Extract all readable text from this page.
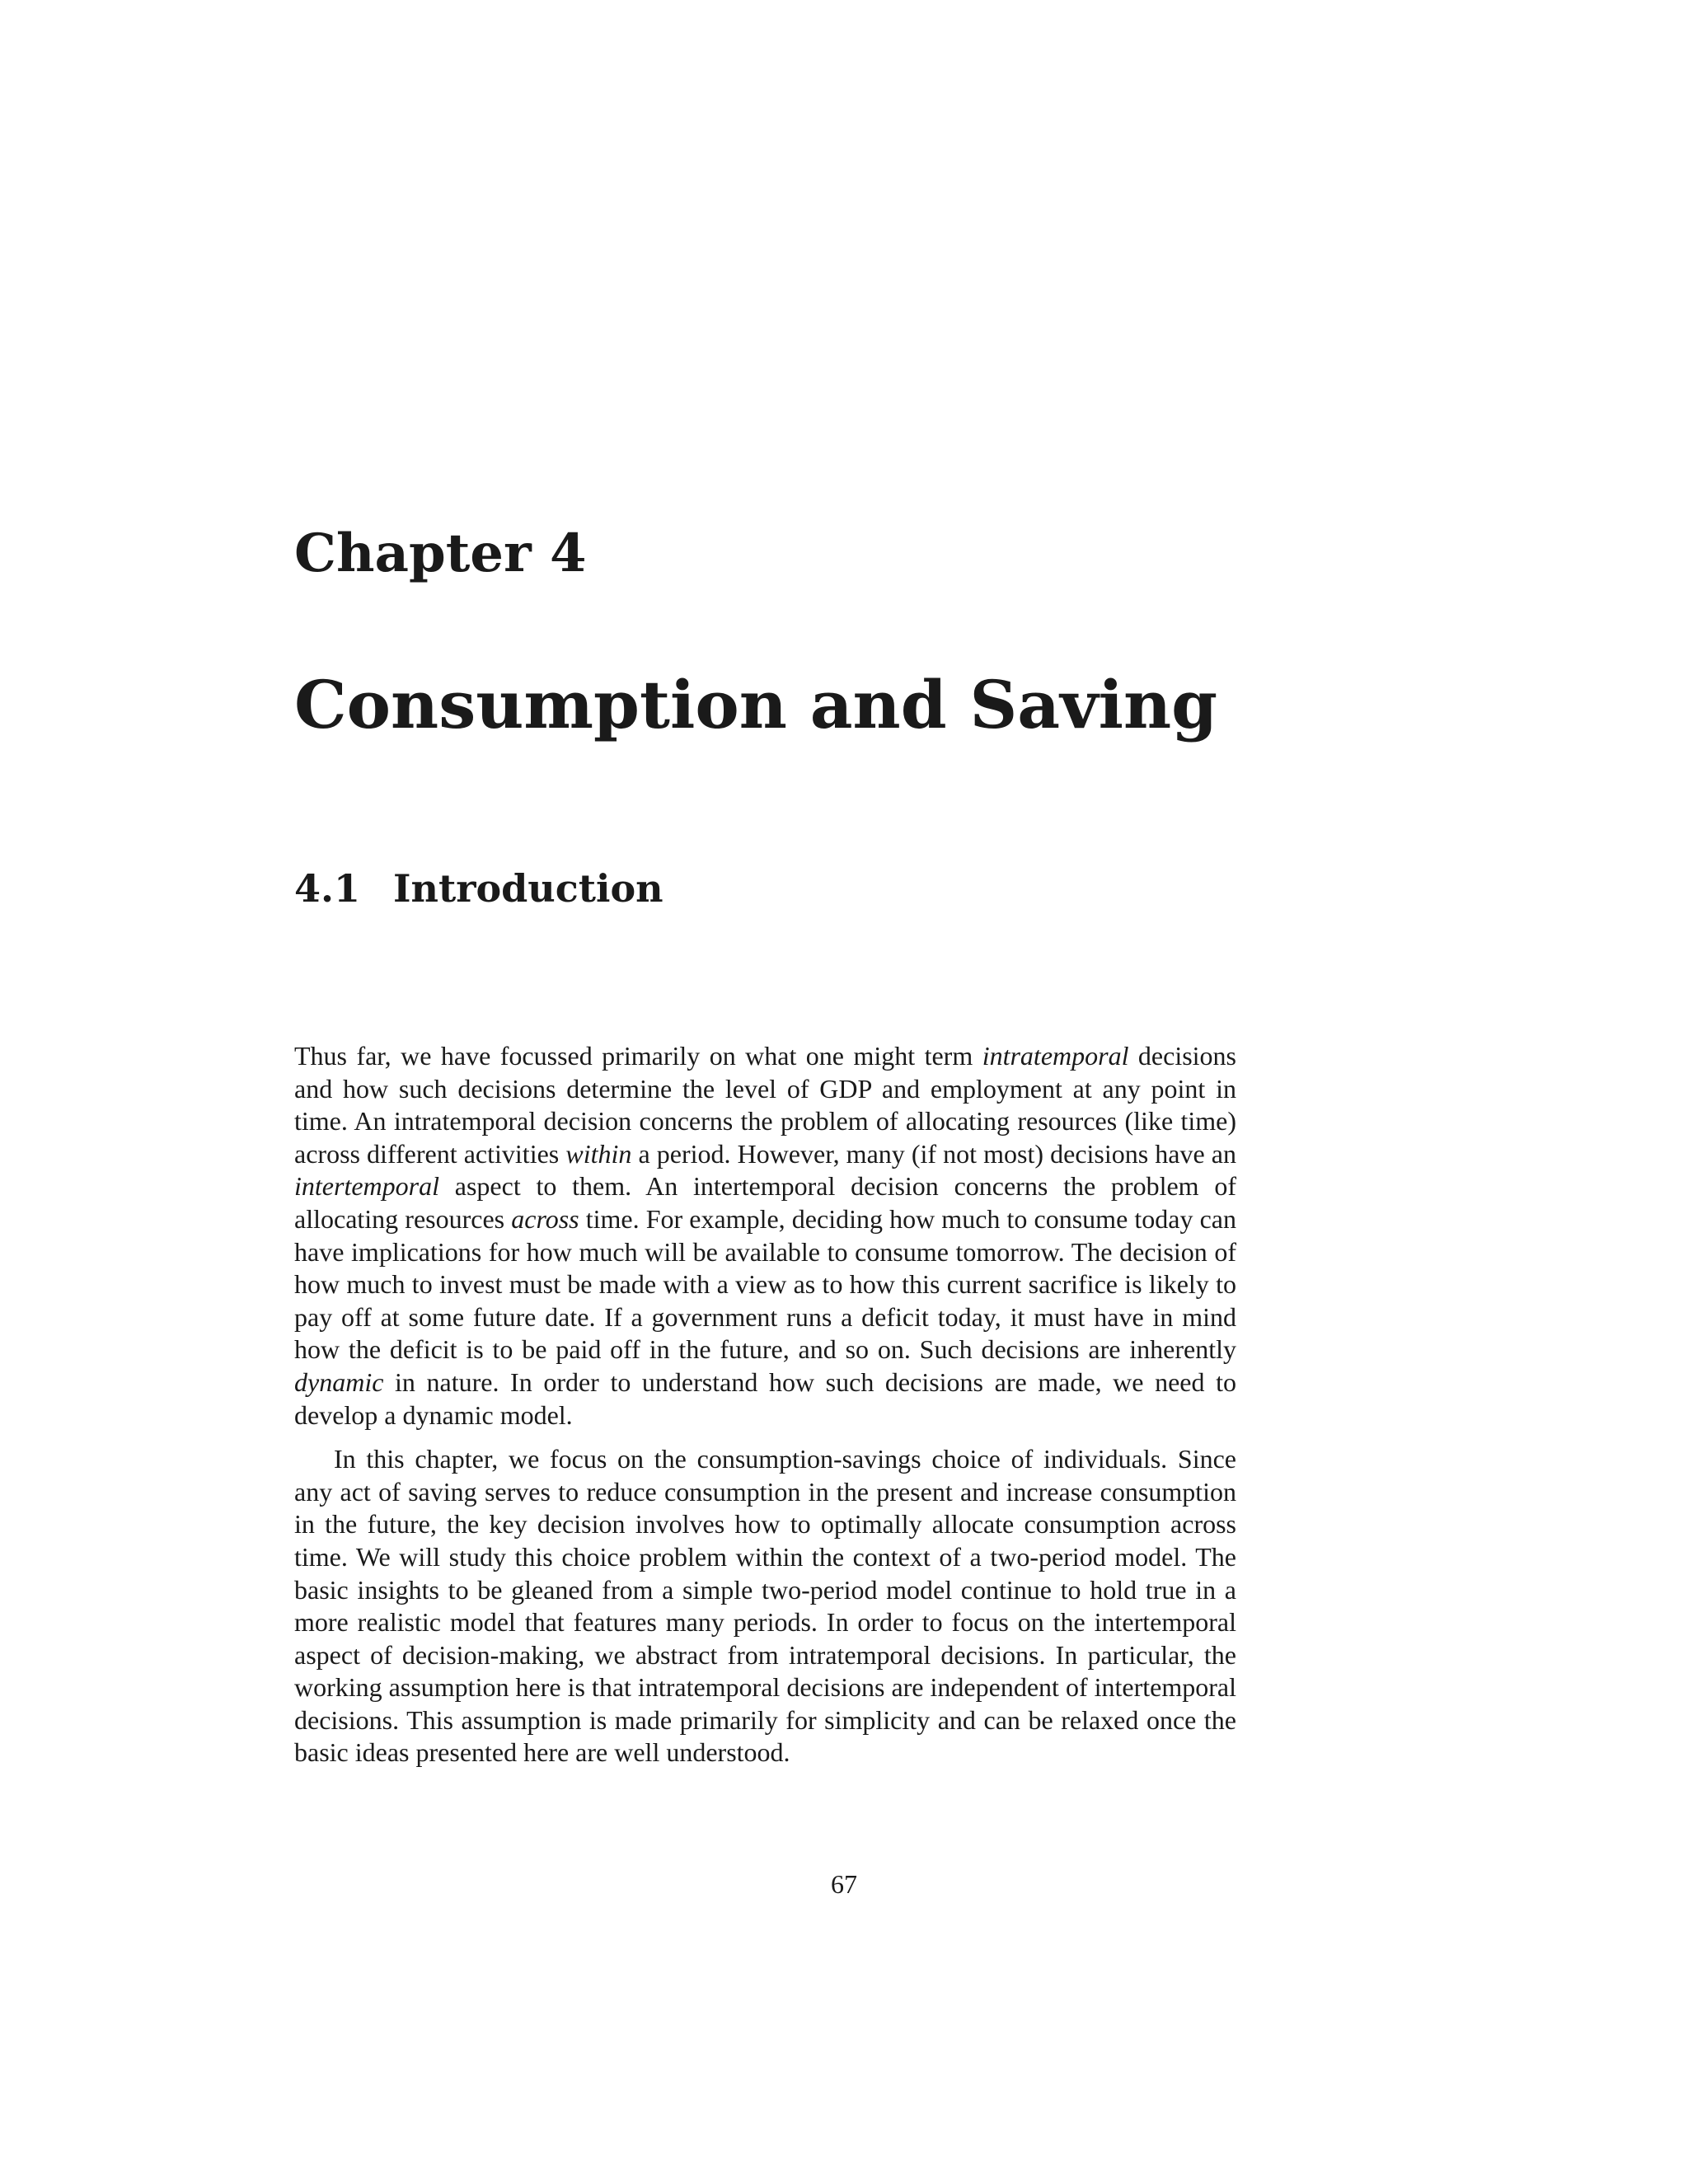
Chapter 4
Consumption and Saving
4.1 Introduction

Thus far, we have focussed primarily on what one might term intratemporal decisions and how such decisions determine the level of GDP and employment at any point in time. An intratemporal decision concerns the problem of allocating resources (like time) across different activities within a period. However, many (if not most) decisions have an intertemporal aspect to them. An intertemporal decision concerns the problem of allocating resources across time. For example, deciding how much to consume today can have implications for how much will be available to consume tomorrow. The decision of how much to invest must be made with a view as to how this current sacrifice is likely to pay off at some future date. If a government runs a deficit today, it must have in mind how the deficit is to be paid off in the future, and so on. Such decisions are inherently dynamic in nature. In order to understand how such decisions are made, we need to develop a dynamic model.

In this chapter, we focus on the consumption-savings choice of individuals. Since any act of saving serves to reduce consumption in the present and increase consumption in the future, the key decision involves how to optimally allocate consumption across time. We will study this choice problem within the context of a two-period model. The basic insights to be gleaned from a simple two-period model continue to hold true in a more realistic model that features many periods. In order to focus on the intertemporal aspect of decision-making, we abstract from intratemporal decisions. In particular, the working assumption here is that intratemporal decisions are independent of intertemporal decisions. This assumption is made primarily for simplicity and can be relaxed once the basic ideas presented here are well understood.

67
